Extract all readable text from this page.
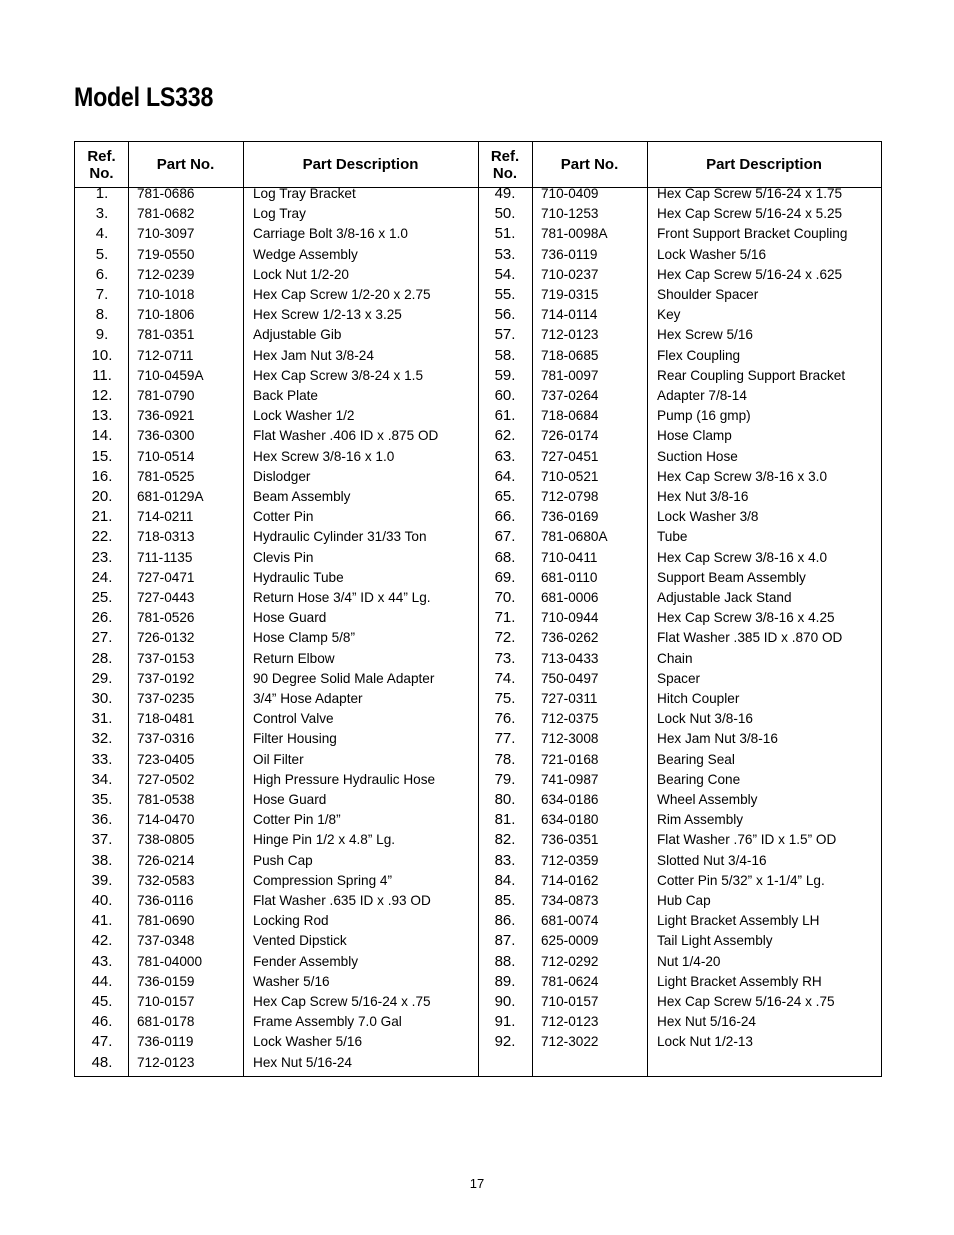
Model LS338
Ref. No.	Part No.	Part Description	Ref. No.	Part No.	Part Description
1.	781-0686	Log Tray Bracket
3.	781-0682	Log Tray
4.	710-3097	Carriage Bolt 3/8-16 x 1.0
5.	719-0550	Wedge Assembly
6.	712-0239	Lock Nut 1/2-20
7.	710-1018	Hex Cap Screw 1/2-20 x 2.75
8.	710-1806	Hex Screw 1/2-13 x 3.25
9.	781-0351	Adjustable Gib
10.	712-0711	Hex Jam Nut 3/8-24
11.	710-0459A	Hex Cap Screw 3/8-24 x 1.5
12.	781-0790	Back Plate
13.	736-0921	Lock Washer 1/2
14.	736-0300	Flat Washer .406 ID x .875 OD
15.	710-0514	Hex Screw 3/8-16 x 1.0
16.	781-0525	Dislodger
20.	681-0129A	Beam Assembly
21.	714-0211	Cotter Pin
22.	718-0313	Hydraulic Cylinder 31/33 Ton
23.	711-1135	Clevis Pin
24.	727-0471	Hydraulic Tube
25.	727-0443	Return Hose 3/4” ID x 44” Lg.
26.	781-0526	Hose Guard
27.	726-0132	Hose Clamp 5/8”
28.	737-0153	Return Elbow
29.	737-0192	90 Degree Solid Male Adapter
30.	737-0235	3/4” Hose Adapter
31.	718-0481	Control Valve
32.	737-0316	Filter Housing
33.	723-0405	Oil Filter
34.	727-0502	High Pressure Hydraulic Hose
35.	781-0538	Hose Guard
36.	714-0470	Cotter Pin 1/8”
37.	738-0805	Hinge Pin 1/2 x 4.8” Lg.
38.	726-0214	Push Cap
39.	732-0583	Compression Spring 4”
40.	736-0116	Flat Washer .635 ID x .93 OD
41.	781-0690	Locking Rod
42.	737-0348	Vented Dipstick
43.	781-04000	Fender Assembly
44.	736-0159	Washer 5/16
45.	710-0157	Hex Cap Screw 5/16-24 x .75
46.	681-0178	Frame Assembly 7.0 Gal
47.	736-0119	Lock Washer 5/16
48.	712-0123	Hex Nut 5/16-24
49.	710-0409	Hex Cap Screw 5/16-24 x 1.75
50.	710-1253	Hex Cap Screw 5/16-24 x 5.25
51.	781-0098A	Front Support Bracket Coupling
53.	736-0119	Lock Washer 5/16
54.	710-0237	Hex Cap Screw 5/16-24 x .625
55.	719-0315	Shoulder Spacer
56.	714-0114	Key
57.	712-0123	Hex Screw 5/16
58.	718-0685	Flex Coupling
59.	781-0097	Rear Coupling Support Bracket
60.	737-0264	Adapter 7/8-14
61.	718-0684	Pump (16 gmp)
62.	726-0174	Hose Clamp
63.	727-0451	Suction Hose
64.	710-0521	Hex Cap Screw 3/8-16 x 3.0
65.	712-0798	Hex Nut 3/8-16
66.	736-0169	Lock Washer 3/8
67.	781-0680A	Tube
68.	710-0411	Hex Cap Screw 3/8-16 x 4.0
69.	681-0110	Support Beam Assembly
70.	681-0006	Adjustable Jack Stand
71.	710-0944	Hex Cap Screw 3/8-16 x 4.25
72.	736-0262	Flat Washer .385 ID x .870 OD
73.	713-0433	Chain
74.	750-0497	Spacer
75.	727-0311	Hitch Coupler
76.	712-0375	Lock Nut 3/8-16
77.	712-3008	Hex Jam Nut 3/8-16
78.	721-0168	Bearing Seal
79.	741-0987	Bearing Cone
80.	634-0186	Wheel Assembly
81.	634-0180	Rim Assembly
82.	736-0351	Flat Washer .76” ID x 1.5” OD
83.	712-0359	Slotted Nut 3/4-16
84.	714-0162	Cotter Pin 5/32” x 1-1/4” Lg.
85.	734-0873	Hub Cap
86.	681-0074	Light Bracket Assembly LH
87.	625-0009	Tail Light Assembly
88.	712-0292	Nut 1/4-20
89.	781-0624	Light Bracket Assembly RH
90.	710-0157	Hex Cap Screw 5/16-24 x .75
91.	712-0123	Hex Nut 5/16-24
92.	712-3022	Lock Nut 1/2-13
17
